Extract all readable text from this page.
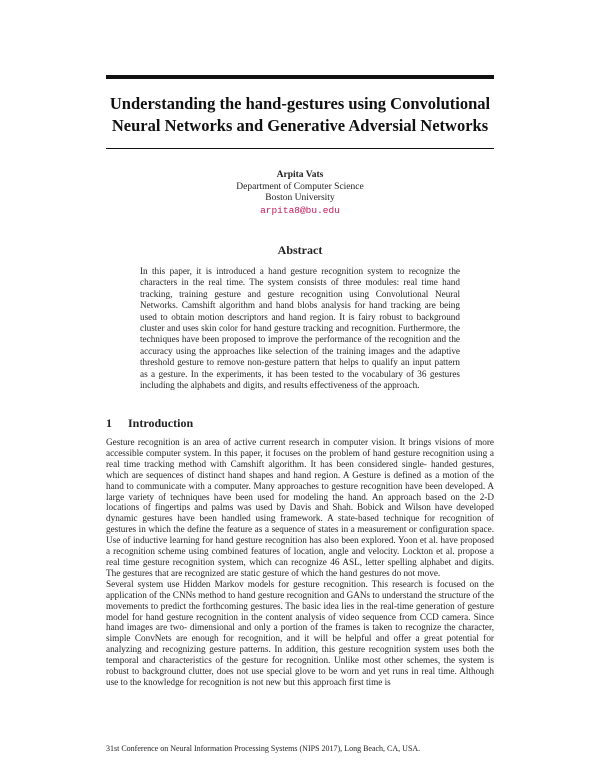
Understanding the hand-gestures using Convolutional Neural Networks and Generative Adversial Networks
Arpita Vats
Department of Computer Science
Boston University
arpita8@bu.edu
Abstract
In this paper, it is introduced a hand gesture recognition system to recognize the characters in the real time. The system consists of three modules: real time hand tracking, training gesture and gesture recognition using Convolutional Neural Networks. Camshift algorithm and hand blobs analysis for hand tracking are being used to obtain motion descriptors and hand region. It is fairy robust to background cluster and uses skin color for hand gesture tracking and recognition. Furthermore, the techniques have been proposed to improve the performance of the recognition and the accuracy using the approaches like selection of the training images and the adaptive threshold gesture to remove non-gesture pattern that helps to qualify an input pattern as a gesture. In the experiments, it has been tested to the vocabulary of 36 gestures including the alphabets and digits, and results effectiveness of the approach.
1 Introduction

Gesture recognition is an area of active current research in computer vision. It brings visions of more accessible computer system. In this paper, it focuses on the problem of hand gesture recognition using a real time tracking method with Camshift algorithm. It has been considered single- handed gestures, which are sequences of distinct hand shapes and hand region. A Gesture is defined as a motion of the hand to communicate with a computer. Many approaches to gesture recognition have been developed. A large variety of techniques have been used for modeling the hand. An approach based on the 2-D locations of fingertips and palms was used by Davis and Shah. Bobick and Wilson have developed dynamic gestures have been handled using framework. A state-based technique for recognition of gestures in which the define the feature as a sequence of states in a measurement or configuration space. Use of inductive learning for hand gesture recognition has also been explored. Yoon et al. have proposed a recognition scheme using combined features of location, angle and velocity. Lockton et al. propose a real time gesture recognition system, which can recognize 46 ASL, letter spelling alphabet and digits. The gestures that are recognized are static gesture of which the hand gestures do not move.

Several system use Hidden Markov models for gesture recognition. This research is focused on the application of the CNNs method to hand gesture recognition and GANs to understand the structure of the movements to predict the forthcoming gestures. The basic idea lies in the real-time generation of gesture model for hand gesture recognition in the content analysis of video sequence from CCD camera. Since hand images are two- dimensional and only a portion of the frames is taken to recognize the character, simple ConvNets are enough for recognition, and it will be helpful and offer a great potential for analyzing and recognizing gesture patterns. In addition, this gesture recognition system uses both the temporal and characteristics of the gesture for recognition. Unlike most other schemes, the system is robust to background clutter, does not use special glove to be worn and yet runs in real time. Although use to the knowledge for recognition is not new but this approach first time is

31st Conference on Neural Information Processing Systems (NIPS 2017), Long Beach, CA, USA.
